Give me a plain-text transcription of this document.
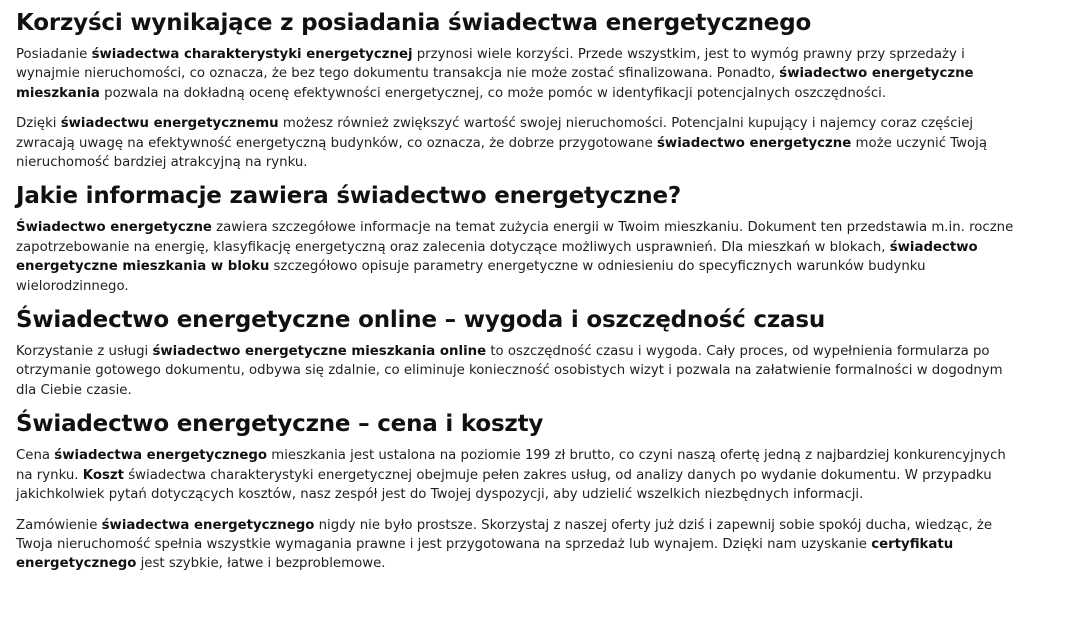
Korzyści wynikające z posiadania świadectwa energetycznego

Posiadanie świadectwa charakterystyki energetycznej przynosi wiele korzyści. Przede wszystkim, jest to wymóg prawny przy sprzedaży i wynajmie nieruchomości, co oznacza, że bez tego dokumentu transakcja nie może zostać sfinalizowana. Ponadto, świadectwo energetyczne mieszkania pozwala na dokładną ocenę efektywności energetycznej, co może pomóc w identyfikacji potencjalnych oszczędności.

Dzięki świadectwu energetycznemu możesz również zwiększyć wartość swojej nieruchomości. Potencjalni kupujący i najemcy coraz częściej zwracają uwagę na efektywność energetyczną budynków, co oznacza, że dobrze przygotowane świadectwo energetyczne może uczynić Twoją nieruchomość bardziej atrakcyjną na rynku.

Jakie informacje zawiera świadectwo energetyczne?

Świadectwo energetyczne zawiera szczegółowe informacje na temat zużycia energii w Twoim mieszkaniu. Dokument ten przedstawia m.in. roczne zapotrzebowanie na energię, klasyfikację energetyczną oraz zalecenia dotyczące możliwych usprawnień. Dla mieszkań w blokach, świadectwo energetyczne mieszkania w bloku szczegółowo opisuje parametry energetyczne w odniesieniu do specyficznych warunków budynku wielorodzinnego.

Świadectwo energetyczne online – wygoda i oszczędność czasu

Korzystanie z usługi świadectwo energetyczne mieszkania online to oszczędność czasu i wygoda. Cały proces, od wypełnienia formularza po otrzymanie gotowego dokumentu, odbywa się zdalnie, co eliminuje konieczność osobistych wizyt i pozwala na załatwienie formalności w dogodnym dla Ciebie czasie.

Świadectwo energetyczne – cena i koszty

Cena świadectwa energetycznego mieszkania jest ustalona na poziomie 199 zł brutto, co czyni naszą ofertę jedną z najbardziej konkurencyjnych na rynku. Koszt świadectwa charakterystyki energetycznej obejmuje pełen zakres usług, od analizy danych po wydanie dokumentu. W przypadku jakichkolwiek pytań dotyczących kosztów, nasz zespół jest do Twojej dyspozycji, aby udzielić wszelkich niezbędnych informacji.

Zamówienie świadectwa energetycznego nigdy nie było prostsze. Skorzystaj z naszej oferty już dziś i zapewnij sobie spokój ducha, wiedząc, że Twoja nieruchomość spełnia wszystkie wymagania prawne i jest przygotowana na sprzedaż lub wynajem. Dzięki nam uzyskanie certyfikatu energetycznego jest szybkie, łatwe i bezproblemowe.
